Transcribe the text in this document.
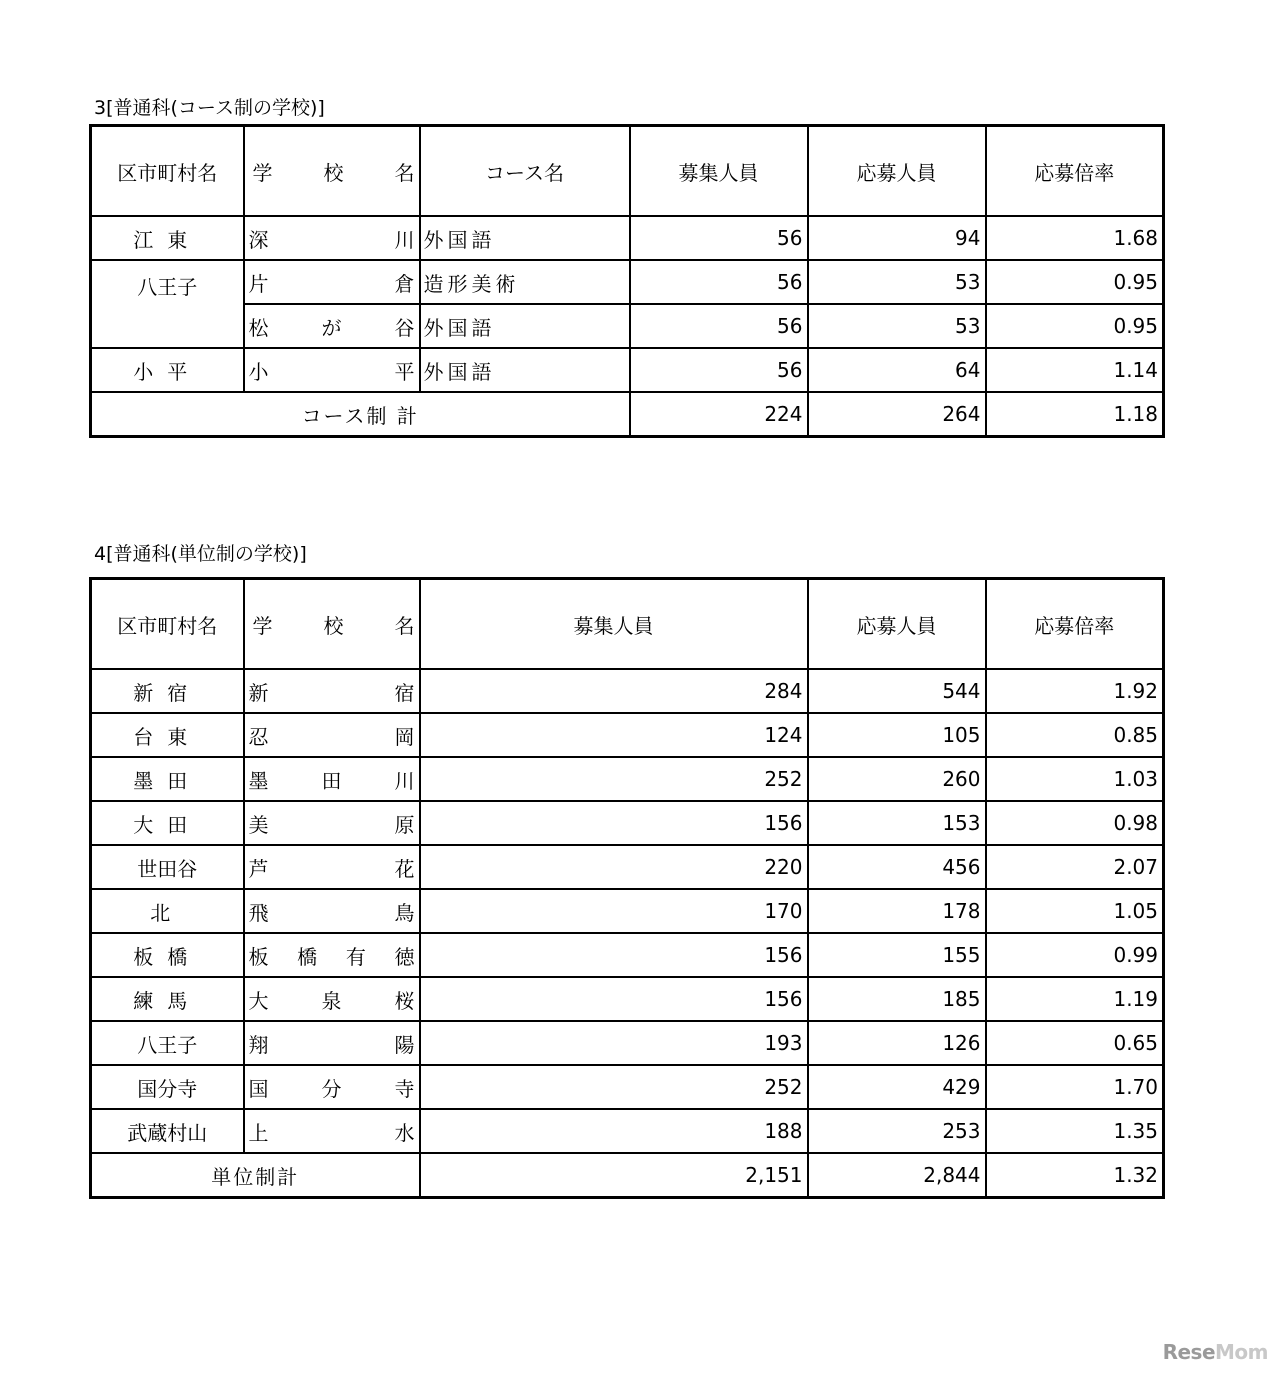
3[普通科(コース制の学校)]
区市町村名	学校名	コース名	募集人員	応募人員	応募倍率
江東	深川	外国語	56	94	1.68
八王子	片倉	造形美術	56	53	0.95
	松が谷	外国語	56	53	0.95
小平	小平	外国語	56	64	1.14
コース制 計			224	264	1.18
4[普通科(単位制の学校)]
区市町村名	学校名	募集人員	応募人員	応募倍率
新宿	新宿	284	544	1.92
台東	忍岡	124	105	0.85
墨田	墨田川	252	260	1.03
大田	美原	156	153	0.98
世田谷	芦花	220	456	2.07
北	飛鳥	170	178	1.05
板橋	板橋有徳	156	155	0.99
練馬	大泉桜	156	185	1.19
八王子	翔陽	193	126	0.65
国分寺	国分寺	252	429	1.70
武蔵村山	上水	188	253	1.35
単位制計		2,151	2,844	1.32
ReseMom
